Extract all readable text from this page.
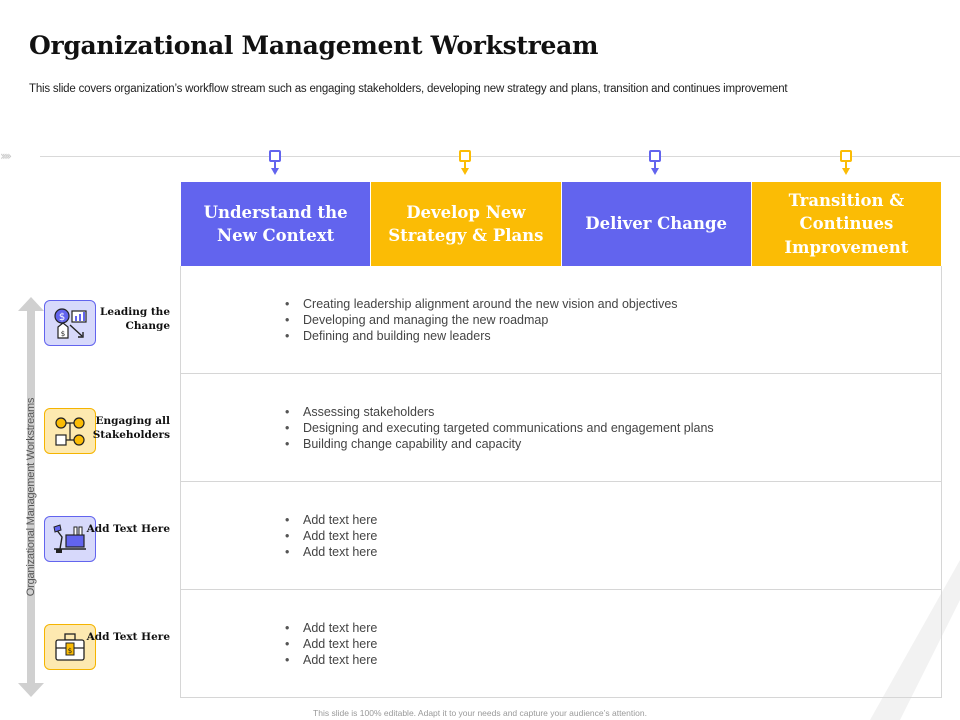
Organizational Management Workstream
This slide covers organization’s workflow stream such as engaging stakeholders, developing new strategy and plans, transition and continues improvement
›››››
Understand the New Context
Develop New Strategy & Plans
Deliver Change
Transition & Continues Improvement
• Creating leadership alignment around the new vision and objectives
• Developing and managing the new roadmap
• Defining and building new leaders
• Assessing stakeholders
• Designing and executing targeted communications and engagement plans
• Building change capability and capacity
• Add text here
• Add text here
• Add text here
• Add text here
• Add text here
• Add text here
Organizational Management Workstreams
$
$
Leading the Change
Engaging all Stakeholders
Add Text Here
$
Add Text Here
This slide is 100% editable. Adapt it to your needs and capture your audience’s attention.
